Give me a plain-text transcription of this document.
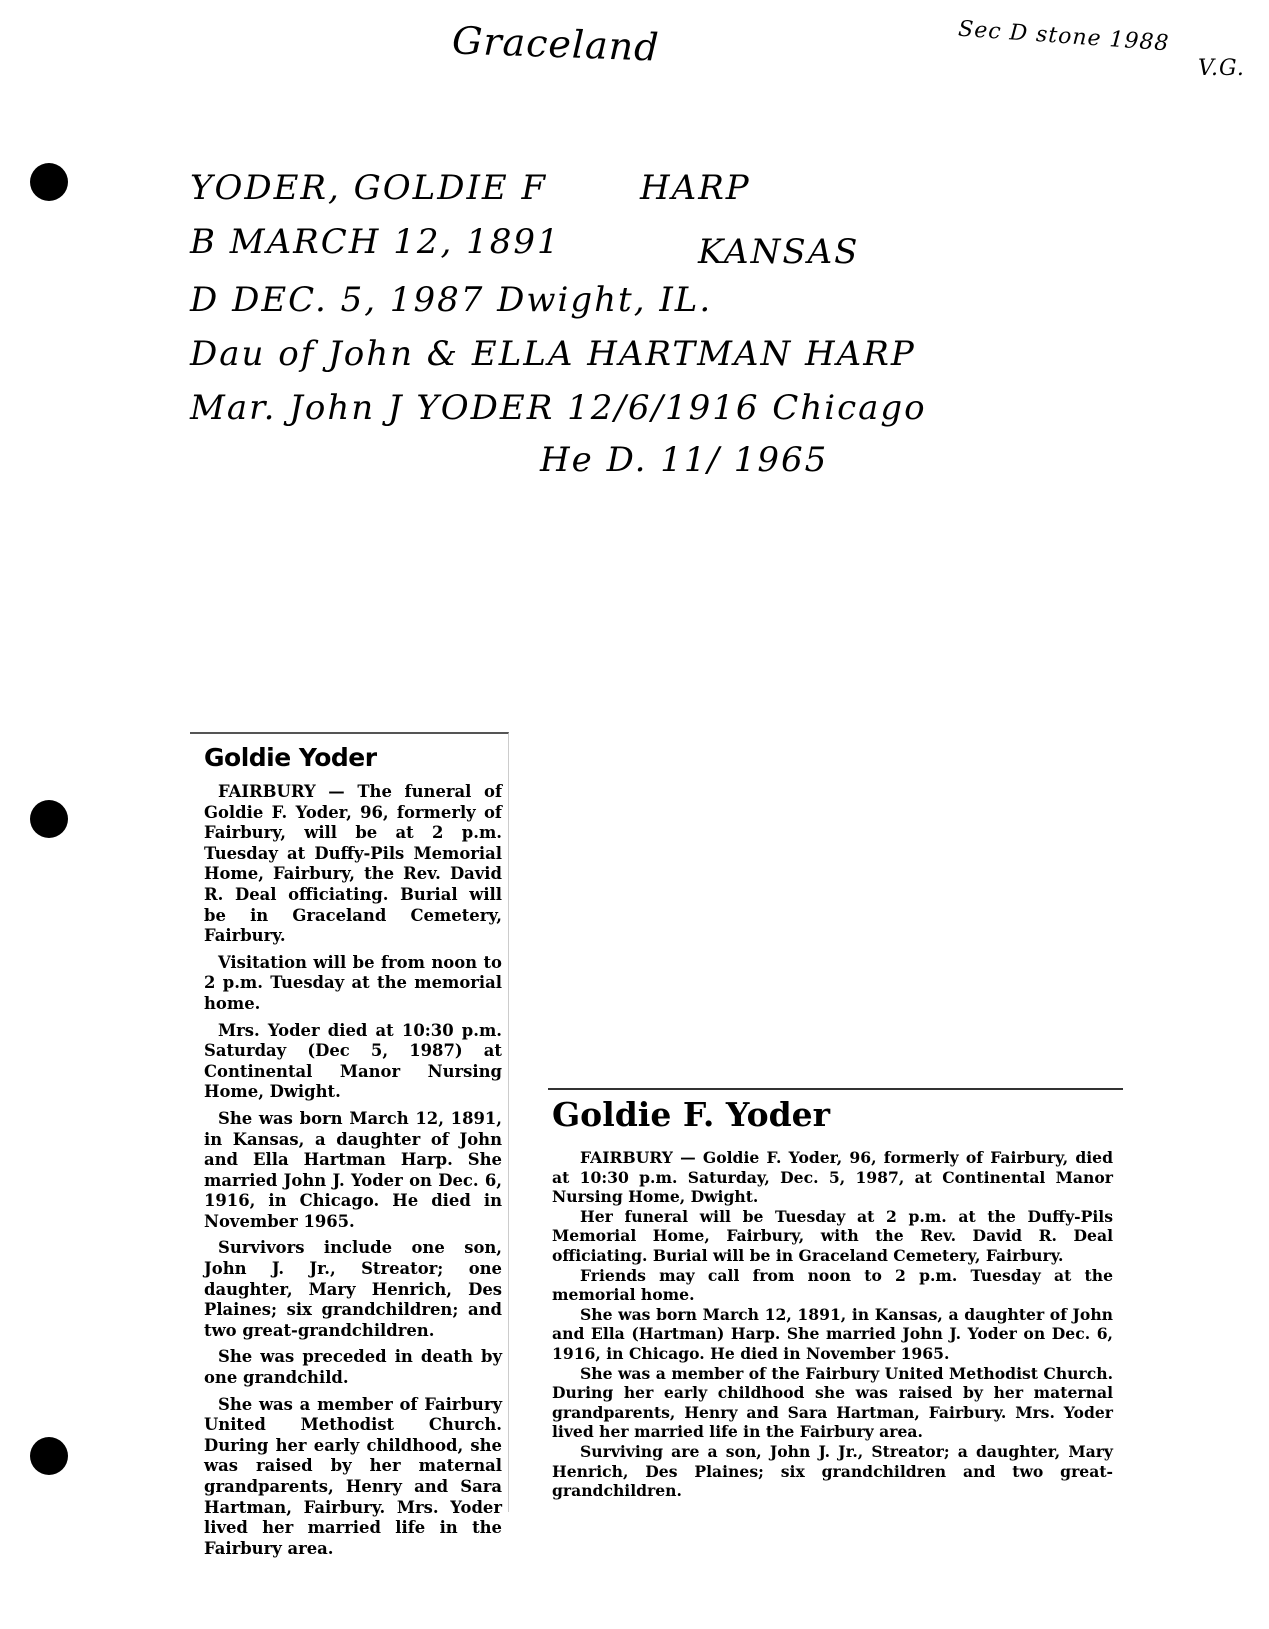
Graceland	Sec D stone 1988
V.G.
YODER, GOLDIE F	HARP
B MARCH 12, 1891	KANSAS
D DEC. 5, 1987 Dwight, IL.
Dau of John & ELLA HARTMAN HARP
Mar. John J YODER 12/6/1916 Chicago
He D. 11/ 1965
Goldie Yoder

FAIRBURY — The funeral of Goldie F. Yoder, 96, formerly of Fairbury, will be at 2 p.m. Tuesday at Duffy-Pils Memorial Home, Fairbury, the Rev. David R. Deal officiating. Burial will be in Graceland Cemetery, Fairbury.

Visitation will be from noon to 2 p.m. Tuesday at the memorial home.

Mrs. Yoder died at 10:30 p.m. Saturday (Dec 5, 1987) at Continental Manor Nursing Home, Dwight.

She was born March 12, 1891, in Kansas, a daughter of John and Ella Hartman Harp. She married John J. Yoder on Dec. 6, 1916, in Chicago. He died in November 1965.

Survivors include one son, John J. Jr., Streator; one daughter, Mary Henrich, Des Plaines; six grandchildren; and two great-grandchildren.

She was preceded in death by one grandchild.

She was a member of Fairbury United Methodist Church. During her early childhood, she was raised by her maternal grandparents, Henry and Sara Hartman, Fairbury. Mrs. Yoder lived her married life in the Fairbury area.

Goldie F. Yoder

FAIRBURY — Goldie F. Yoder, 96, formerly of Fairbury, died at 10:30 p.m. Saturday, Dec. 5, 1987, at Continental Manor Nursing Home, Dwight.

Her funeral will be Tuesday at 2 p.m. at the Duffy-Pils Memorial Home, Fairbury, with the Rev. David R. Deal officiating. Burial will be in Graceland Cemetery, Fairbury.

Friends may call from noon to 2 p.m. Tuesday at the memorial home.

She was born March 12, 1891, in Kansas, a daughter of John and Ella (Hartman) Harp. She married John J. Yoder on Dec. 6, 1916, in Chicago. He died in November 1965.

She was a member of the Fairbury United Methodist Church. During her early childhood she was raised by her maternal grandparents, Henry and Sara Hartman, Fairbury. Mrs. Yoder lived her married life in the Fairbury area.

Surviving are a son, John J. Jr., Streator; a daughter, Mary Henrich, Des Plaines; six grandchildren and two great-grandchildren.
